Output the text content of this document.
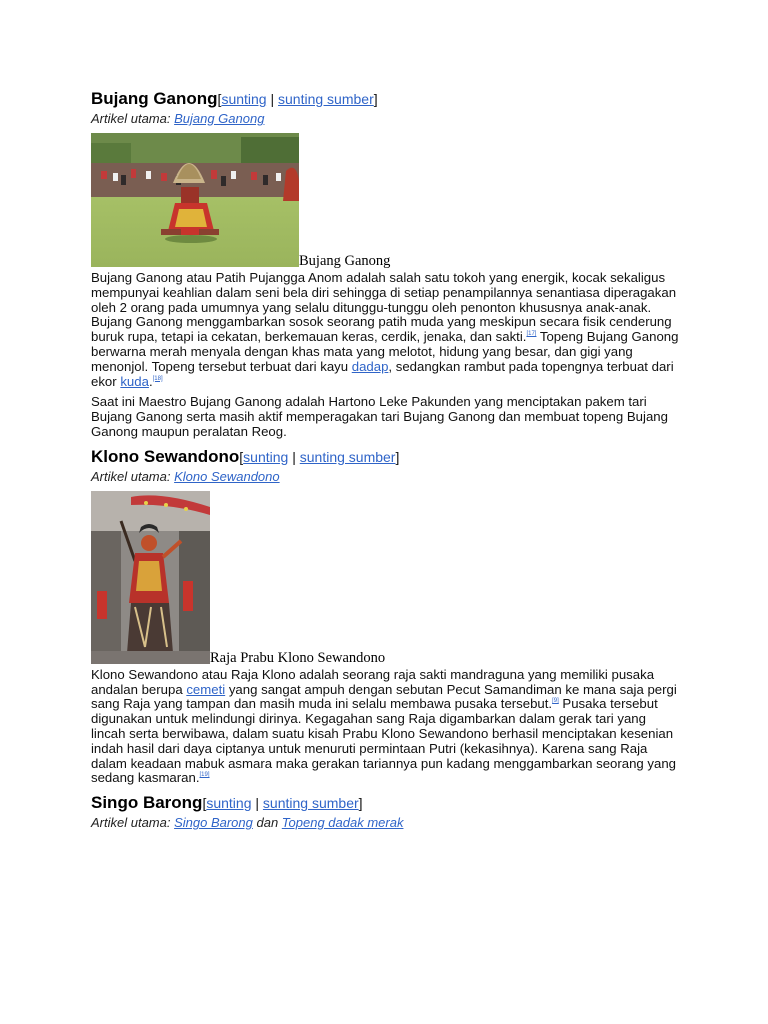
Bujang Ganong[sunting | sunting sumber]
Artikel utama: Bujang Ganong
Bujang Ganong

Bujang Ganong atau Patih Pujangga Anom adalah salah satu tokoh yang energik, kocak sekaligus mempunyai keahlian dalam seni bela diri sehingga di setiap penampilannya senantiasa diperagakan oleh 2 orang pada umumnya yang selalu ditunggu-tunggu oleh penonton khususnya anak-anak. Bujang Ganong menggambarkan sosok seorang patih muda yang meskipun secara fisik cenderung buruk rupa, tetapi ia cekatan, berkemauan keras, cerdik, jenaka, dan sakti.[17] Topeng Bujang Ganong berwarna merah menyala dengan khas mata yang melotot, hidung yang besar, dan gigi yang menonjol. Topeng tersebut terbuat dari kayu dadap, sedangkan rambut pada topengnya terbuat dari ekor kuda.[18]

Saat ini Maestro Bujang Ganong adalah Hartono Leke Pakunden yang menciptakan pakem tari Bujang Ganong serta masih aktif memperagakan tari Bujang Ganong dan membuat topeng Bujang Ganong maupun peralatan Reog.

Klono Sewandono[sunting | sunting sumber]
Artikel utama: Klono Sewandono
Raja Prabu Klono Sewandono

Klono Sewandono atau Raja Klono adalah seorang raja sakti mandraguna yang memiliki pusaka andalan berupa cemeti yang sangat ampuh dengan sebutan Pecut Samandiman ke mana saja pergi sang Raja yang tampan dan masih muda ini selalu membawa pusaka tersebut.[9] Pusaka tersebut digunakan untuk melindungi dirinya. Kegagahan sang Raja digambarkan dalam gerak tari yang lincah serta berwibawa, dalam suatu kisah Prabu Klono Sewandono berhasil menciptakan kesenian indah hasil dari daya ciptanya untuk menuruti permintaan Putri (kekasihnya). Karena sang Raja dalam keadaan mabuk asmara maka gerakan tariannya pun kadang menggambarkan seorang yang sedang kasmaran.[19]

Singo Barong[sunting | sunting sumber]
Artikel utama: Singo Barong dan Topeng dadak merak
